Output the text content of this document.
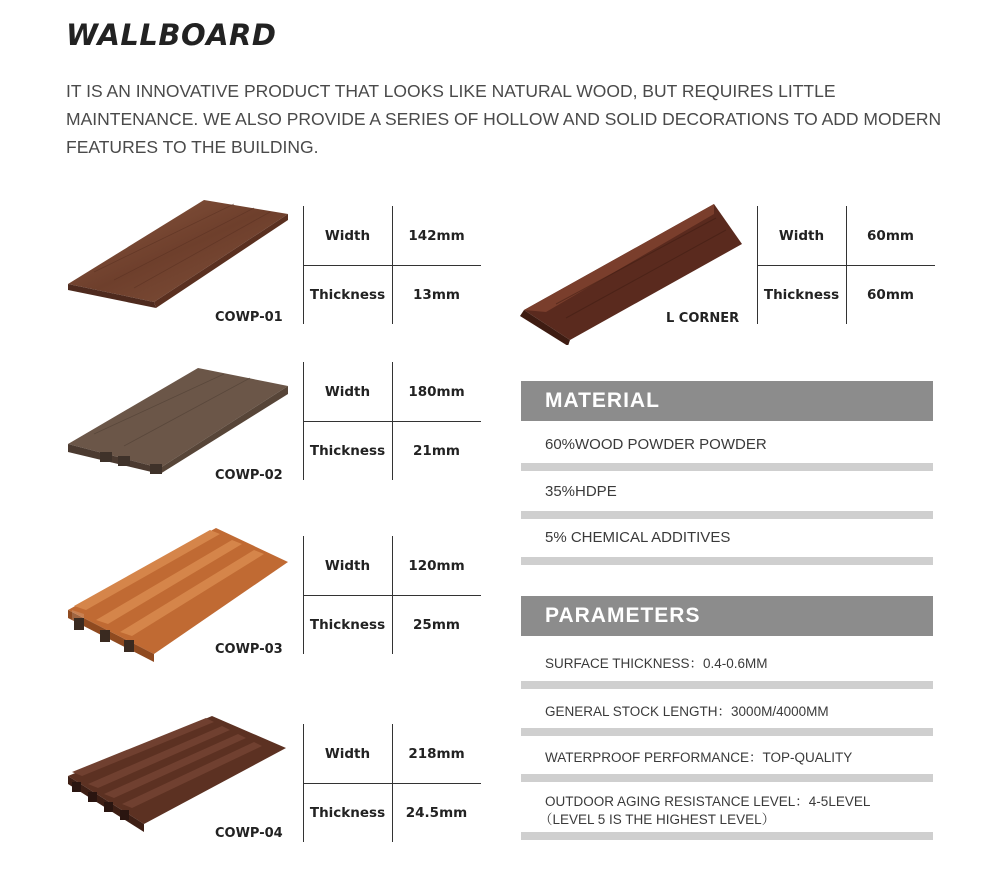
WALLBOARD
IT IS AN INNOVATIVE PRODUCT THAT LOOKS LIKE NATURAL WOOD, BUT REQUIRES LITTLE MAINTENANCE. WE ALSO PROVIDE A SERIES OF HOLLOW AND SOLID DECORATIONS TO ADD MODERN FEATURES TO THE BUILDING.
COWP-01
Width	142mm
Thickness	13mm
COWP-02
Width	180mm
Thickness	21mm
COWP-03
Width	120mm
Thickness	25mm
COWP-04
Width	218mm
Thickness	24.5mm
L CORNER
Width	60mm
Thickness	60mm
MATERIAL
60%WOOD POWDER POWDER
35%HDPE
5% CHEMICAL ADDITIVES
PARAMETERS
SURFACE THICKNESS：0.4-0.6MM
GENERAL STOCK LENGTH：3000M/4000MM
WATERPROOF PERFORMANCE：TOP-QUALITY
OUTDOOR AGING RESISTANCE LEVEL：4-5LEVEL
（LEVEL 5 IS THE HIGHEST LEVEL）
